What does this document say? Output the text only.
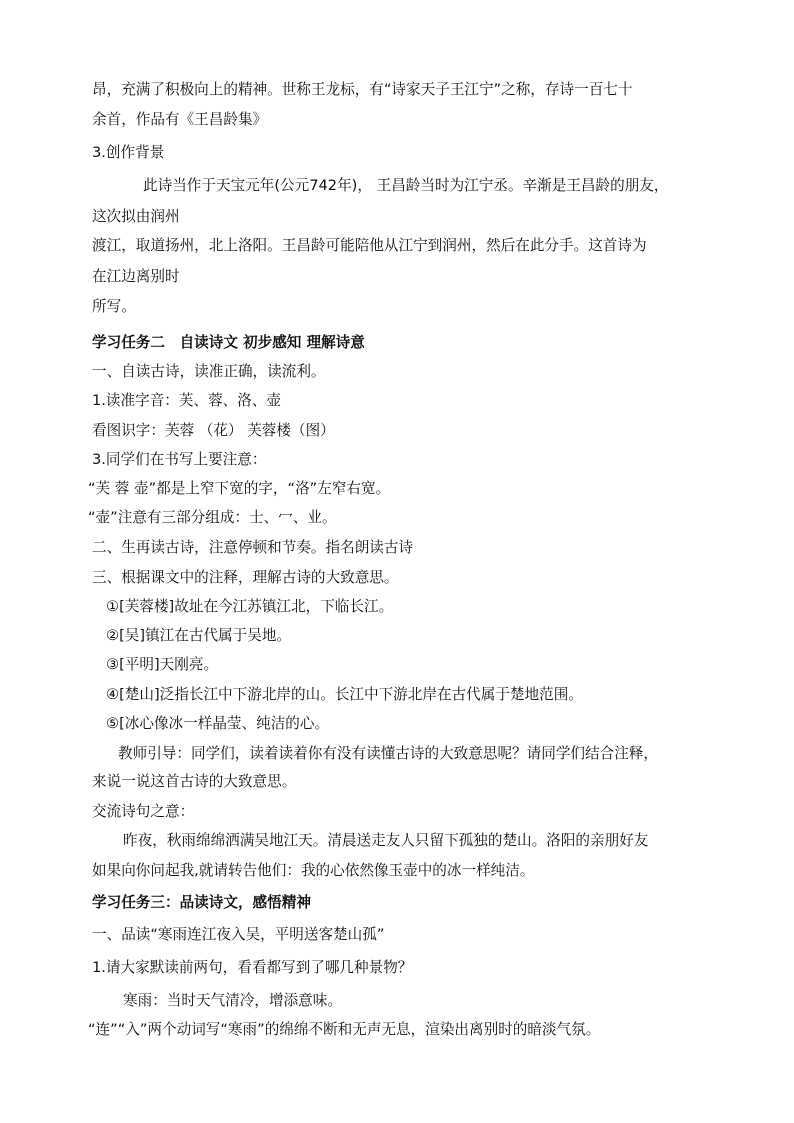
昂，充满了积极向上的精神。世称王龙标，有“诗家天子王江宁”之称，存诗一百七十
余首，作品有《王昌龄集》
3.创作背景
此诗当作于天宝元年(公元742年)， 王昌龄当时为江宁丞。辛渐是王昌龄的朋友，
这次拟由润州
渡江，取道扬州，北上洛阳。王昌龄可能陪他从江宁到润州，然后在此分手。这首诗为
在江边离别时
所写。
学习任务二　自读诗文 初步感知 理解诗意
一、自读古诗，读准正确，读流利。
1.读准字音：芙、蓉、洛、壶
看图识字：芙蓉 （花） 芙蓉楼（图）
3.同学们在书写上要注意：
“芙 蓉 壶”都是上窄下宽的字，“洛”左窄右宽。
“壶”注意有三部分组成：士、冖、业。
二、生再读古诗，注意停顿和节奏。指名朗读古诗
三、根据课文中的注释，理解古诗的大致意思。
①[芙蓉楼]故址在今江苏镇江北，下临长江。
②[吴]镇江在古代属于吴地。
③[平明]天刚亮。
④[楚山]泛指长江中下游北岸的山。长江中下游北岸在古代属于楚地范围。
⑤[冰心像冰一样晶莹、纯洁的心。
教师引导：同学们，读着读着你有没有读懂古诗的大致意思呢？请同学们结合注释，
来说一说这首古诗的大致意思。
交流诗句之意：
昨夜，秋雨绵绵洒满吴地江天。清晨送走友人只留下孤独的楚山。洛阳的亲朋好友
如果向你问起我,就请转告他们：我的心依然像玉壶中的冰一样纯洁。
学习任务三：品读诗文，感悟精神
一、品读“寒雨连江夜入吴，平明送客楚山孤”
1.请大家默读前两句，看看都写到了哪几种景物？
寒雨：当时天气清冷，增添意味。
“连”“入”两个动词写“寒雨”的绵绵不断和无声无息，渲染出离别时的暗淡气氛。
